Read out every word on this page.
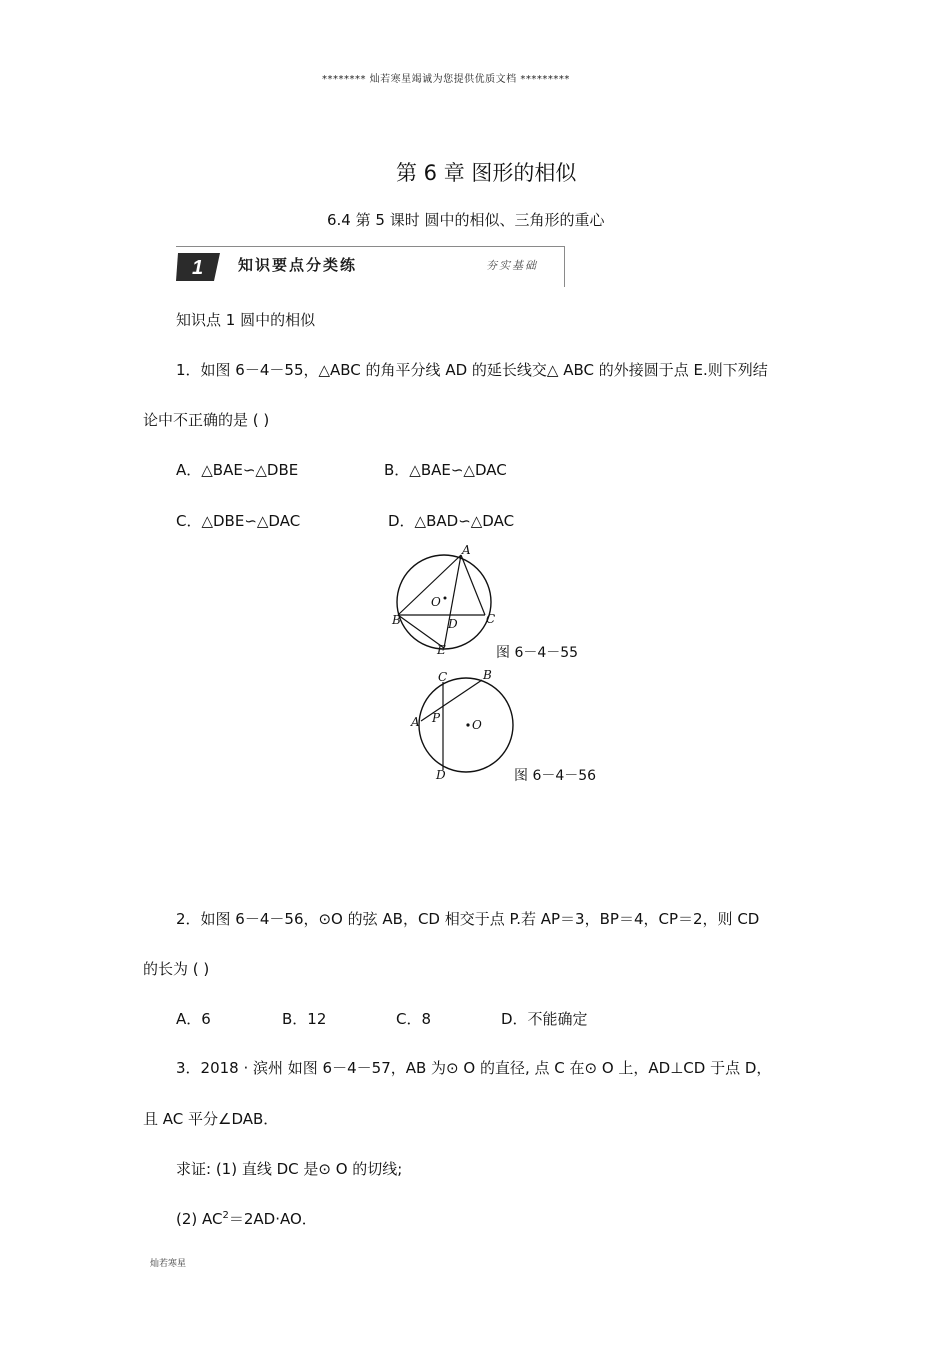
******** 灿若寒星竭诚为您提供优质文档 *********
第 6 章 图形的相似
6.4 第 5 课时 圆中的相似、三角形的重心
1 知识要点分类练	夯实基础
知识点 1 圆中的相似
1．如图 6－4－55，△ABC 的角平分线 AD 的延长线交△ ABC 的外接圆于点 E.则下列结
论中不正确的是 ( )
A．△BAE∽△DBE	B．△BAE∽△DAC
C．△DBE∽△DAC	D．△BAD∽△DAC
A
B	C
D
E
O
图 6－4－55
C	B
A P	O
D	图 6－4－56
2．如图 6－4－56，⊙O 的弦 AB，CD 相交于点 P.若 AP＝3，BP＝4，CP＝2，则 CD
的长为 ( )
A．6	B．12	C．8	D．不能确定
3．2018 · 滨州 如图 6－4－57，AB 为⊙ O 的直径, 点 C 在⊙ O 上，AD⊥CD 于点 D，
且 AC 平分∠DAB．
求证: (1) 直线 DC 是⊙ O 的切线;
(2) $AC^2=2AD\cdot AO$．
灿若寒星
